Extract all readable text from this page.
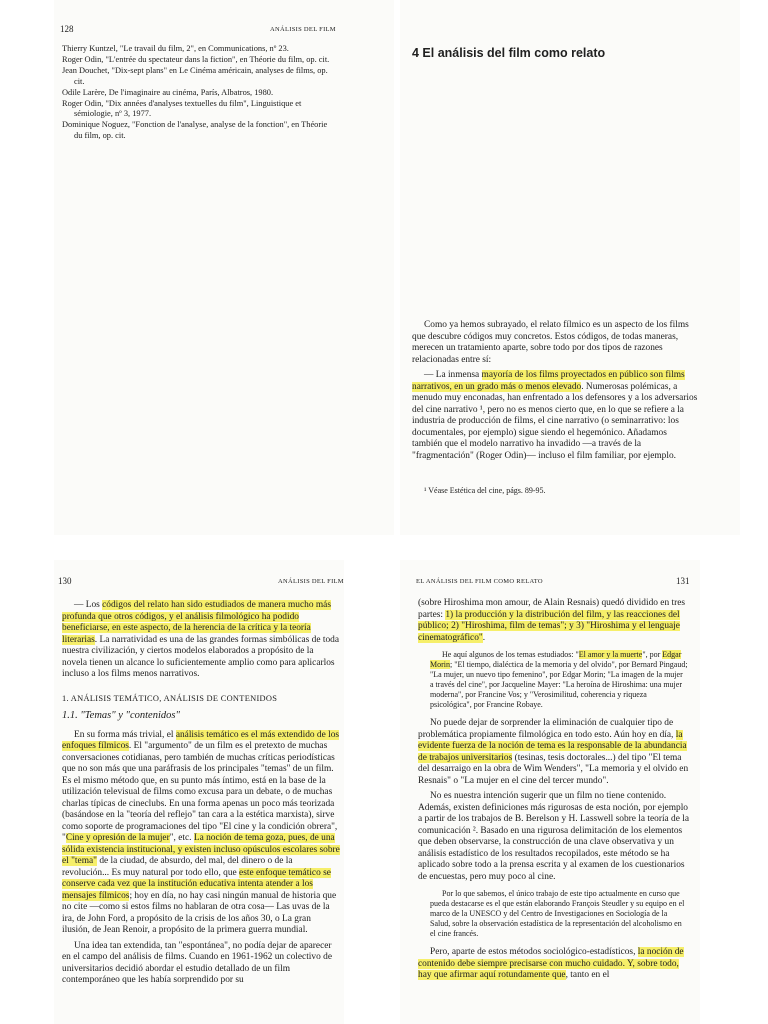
128	ANÁLISIS DEL FILM

Thierry Kuntzel, "Le travail du film, 2", en Communications, nº 23.

Roger Odin, "L'entrée du spectateur dans la fiction", en Théorie du film, op. cit.

Jean Douchet, "Dix-sept plans" en Le Cinéma américain, analyses de films, op. cit.

Odile Larère, De l'imaginaire au cinéma, París, Albatros, 1980.

Roger Odin, "Dix années d'analyses textuelles du film", Linguistique et sémiologie, nº 3, 1977.

Dominique Noguez, "Fonction de l'analyse, analyse de la fonction", en Théorie du film, op. cit.

4 El análisis del film como relato

Como ya hemos subrayado, el relato fílmico es un aspecto de los films que descubre códigos muy concretos. Estos códigos, de todas maneras, merecen un tratamiento aparte, sobre todo por dos tipos de razones relacionadas entre sí:

— La inmensa mayoría de los films proyectados en público son films narrativos, en un grado más o menos elevado. Numerosas polémicas, a menudo muy enconadas, han enfrentado a los defensores y a los adversarios del cine narrativo ¹, pero no es menos cierto que, en lo que se refiere a la industria de producción de films, el cine narrativo (o seminarrativo: los documentales, por ejemplo) sigue siendo el hegemónico. Añadamos también que el modelo narrativo ha invadido —a través de la "fragmentación" (Roger Odin)— incluso el film familiar, por ejemplo.

¹ Véase Estética del cine, págs. 89-95.
130	ANÁLISIS DEL FILM

— Los códigos del relato han sido estudiados de manera mucho más profunda que otros códigos, y el análisis filmológico ha podido beneficiarse, en este aspecto, de la herencia de la crítica y la teoría literarias. La narratividad es una de las grandes formas simbólicas de toda nuestra civilización, y ciertos modelos elaborados a propósito de la novela tienen un alcance lo suficientemente amplio como para aplicarlos incluso a los films menos narrativos.

1. ANÁLISIS TEMÁTICO, ANÁLISIS DE CONTENIDOS

1.1. "Temas" y "contenidos"

En su forma más trivial, el análisis temático es el más extendido de los enfoques fílmicos. El "argumento" de un film es el pretexto de muchas conversaciones cotidianas, pero también de muchas críticas periodísticas que no son más que una paráfrasis de los principales "temas" de un film. Es el mismo método que, en su punto más íntimo, está en la base de la utilización televisual de films como excusa para un debate, o de muchas charlas típicas de cineclubs. En una forma apenas un poco más teorizada (basándose en la "teoría del reflejo" tan cara a la estética marxista), sirve como soporte de programaciones del tipo "El cine y la condición obrera", "Cine y opresión de la mujer", etc. La noción de tema goza, pues, de una sólida existencia institucional, y existen incluso opúsculos escolares sobre el "tema" de la ciudad, de absurdo, del mal, del dinero o de la revolución... Es muy natural por todo ello, que este enfoque temático se conserve cada vez que la institución educativa intenta atender a los mensajes fílmicos; hoy en día, no hay casi ningún manual de historia que no cite —como si estos films no hablaran de otra cosa— Las uvas de la ira, de John Ford, a propósito de la crisis de los años 30, o La gran ilusión, de Jean Renoir, a propósito de la primera guerra mundial.

Una idea tan extendida, tan "espontánea", no podía dejar de aparecer en el campo del análisis de films. Cuando en 1961-1962 un colectivo de universitarios decidió abordar el estudio detallado de un film contemporáneo que les había sorprendido por su

EL ANÁLISIS DEL FILM COMO RELATO	131

(sobre Hiroshima mon amour, de Alain Resnais) quedó dividido en tres partes: 1) la producción y la distribución del film, y las reacciones del público; 2) "Hiroshima, film de temas"; y 3) "Hiroshima y el lenguaje cinematográfico".

He aquí algunos de los temas estudiados: "El amor y la muerte", por Edgar Morin; "El tiempo, dialéctica de la memoria y del olvido", por Bernard Pingaud; "La mujer, un nuevo tipo femenino", por Edgar Morin; "La imagen de la mujer a través del cine", por Jacqueline Mayer: "La heroína de Hiroshima: una mujer moderna", por Francine Vos; y "Verosimilitud, coherencia y riqueza psicológica", por Francine Robaye.

No puede dejar de sorprender la eliminación de cualquier tipo de problemática propiamente filmológica en todo esto. Aún hoy en día, la evidente fuerza de la noción de tema es la responsable de la abundancia de trabajos universitarios (tesinas, tesis doctorales...) del tipo "El tema del desarraigo en la obra de Wim Wenders", "La memoria y el olvido en Resnais" o "La mujer en el cine del tercer mundo".

No es nuestra intención sugerir que un film no tiene contenido. Además, existen definiciones más rigurosas de esta noción, por ejemplo a partir de los trabajos de B. Berelson y H. Lasswell sobre la teoría de la comunicación ². Basado en una rigurosa delimitación de los elementos que deben observarse, la construcción de una clave observativa y un análisis estadístico de los resultados recopilados, este método se ha aplicado sobre todo a la prensa escrita y al examen de los cuestionarios de encuestas, pero muy poco al cine.

Por lo que sabemos, el único trabajo de este tipo actualmente en curso que pueda destacarse es el que están elaborando François Steudler y su equipo en el marco de la UNESCO y del Centro de Investigaciones en Sociología de la Salud, sobre la observación estadística de la representación del alcoholismo en el cine francés.

Pero, aparte de estos métodos sociológico-estadísticos, la noción de contenido debe siempre precisarse con mucho cuidado. Y, sobre todo, hay que afirmar aquí rotundamente que, tanto en el
